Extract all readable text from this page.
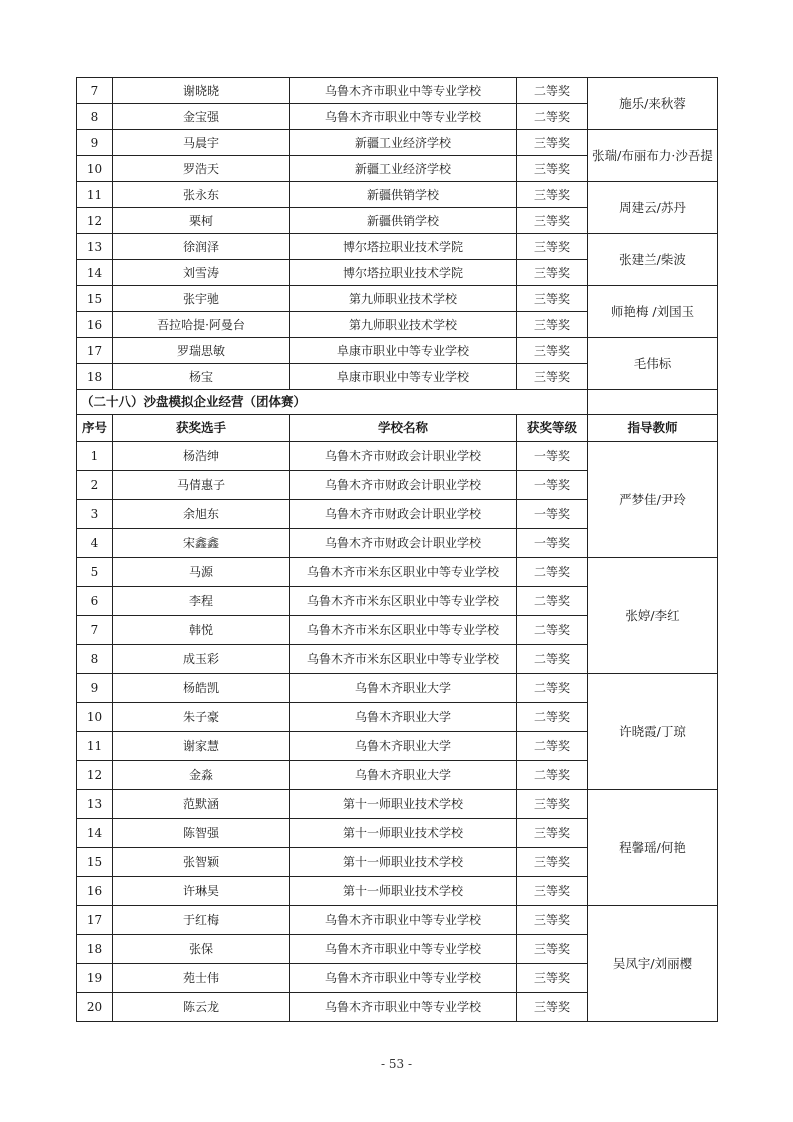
7	谢晓晓	乌鲁木齐市职业中等专业学校	二等奖	施乐/来秋蓉
8	金宝强	乌鲁木齐市职业中等专业学校	二等奖	
9	马晨宇	新疆工业经济学校	三等奖	张瑞/布丽布力·沙吾提
10	罗浩天	新疆工业经济学校	三等奖	
11	张永东	新疆供销学校	三等奖	周建云/苏丹
12	栗柯	新疆供销学校	三等奖	
13	徐润泽	博尔塔拉职业技术学院	三等奖	张建兰/柴波
14	刘雪涛	博尔塔拉职业技术学院	三等奖	
15	张宇驰	第九师职业技术学校	三等奖	师艳梅 /刘国玉
16	吾拉哈提·阿曼台	第九师职业技术学校	三等奖	
17	罗瑞思敏	阜康市职业中等专业学校	三等奖	毛伟标
18	杨宝	阜康市职业中等专业学校	三等奖	
（二十八）沙盘模拟企业经营（团体赛）				
序号	获奖选手	学校名称	获奖等级	指导教师
1	杨浩绅	乌鲁木齐市财政会计职业学校	一等奖	严梦佳/尹玲
2	马倩惠子	乌鲁木齐市财政会计职业学校	一等奖	
3	余旭东	乌鲁木齐市财政会计职业学校	一等奖	
4	宋鑫鑫	乌鲁木齐市财政会计职业学校	一等奖	
5	马源	乌鲁木齐市米东区职业中等专业学校	二等奖	张婷/李红
6	李程	乌鲁木齐市米东区职业中等专业学校	二等奖	
7	韩悦	乌鲁木齐市米东区职业中等专业学校	二等奖	
8	成玉彩	乌鲁木齐市米东区职业中等专业学校	二等奖	
9	杨皓凯	乌鲁木齐职业大学	二等奖	许晓霞/丁琼
10	朱子豪	乌鲁木齐职业大学	二等奖	
11	谢家慧	乌鲁木齐职业大学	二等奖	
12	金淼	乌鲁木齐职业大学	二等奖	
13	范默涵	第十一师职业技术学校	三等奖	程馨瑶/何艳
14	陈智强	第十一师职业技术学校	三等奖	
15	张智颖	第十一师职业技术学校	三等奖	
16	许琳昊	第十一师职业技术学校	三等奖	
17	于红梅	乌鲁木齐市职业中等专业学校	三等奖	吴凤宇/刘丽樱
18	张保	乌鲁木齐市职业中等专业学校	三等奖	
19	苑士伟	乌鲁木齐市职业中等专业学校	三等奖	
20	陈云龙	乌鲁木齐市职业中等专业学校	三等奖	
- 53 -
